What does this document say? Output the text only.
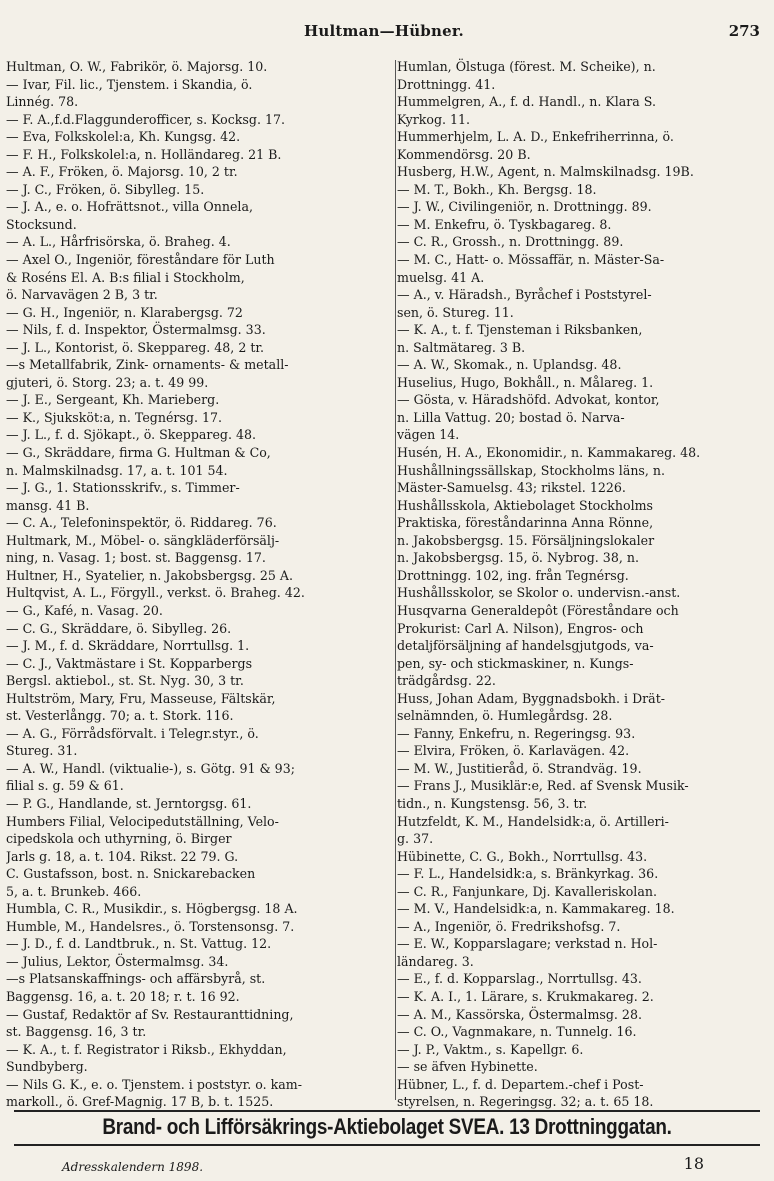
Hultman—Hübner.	273
Hultman, O. W., Fabrikör, ö. Majorsg. 10.
— Ivar, Fil. lic., Tjenstem. i Skandia, ö.
Linnég. 78.
— F. A.,f.d.Flaggunderofficer, s. Kocksg. 17.
— Eva, Folkskolel:a, Kh. Kungsg. 42.
— F. H., Folkskolel:a, n. Holländareg. 21 B.
— A. F., Fröken, ö. Majorsg. 10, 2 tr.
— J. C., Fröken, ö. Sibylleg. 15.
— J. A., e. o. Hofrättsnot., villa Onnela,
Stocksund.
— A. L., Hårfrisörska, ö. Braheg. 4.
— Axel O., Ingeniör, föreståndare för Luth
& Roséns El. A. B:s filial i Stockholm,
ö. Narvavägen 2 B, 3 tr.
— G. H., Ingeniör, n. Klarabergsg. 72
— Nils, f. d. Inspektor, Östermalmsg. 33.
— J. L., Kontorist, ö. Skeppareg. 48, 2 tr.
—s Metallfabrik, Zink- ornaments- & metall-
gjuteri, ö. Storg. 23; a. t. 49 99.
— J. E., Sergeant, Kh. Marieberg.
— K., Sjuksköt:a, n. Tegnérsg. 17.
— J. L., f. d. Sjökapt., ö. Skeppareg. 48.
— G., Skräddare, firma G. Hultman & Co,
n. Malmskilnadsg. 17, a. t. 101 54.
— J. G., 1. Stationsskrifv., s. Timmer-
mansg. 41 B.
— C. A., Telefoninspektör, ö. Riddareg. 76.
Hultmark, M., Möbel- o. sängkläderförsälj-
ning, n. Vasag. 1; bost. st. Baggensg. 17.
Hultner, H., Syatelier, n. Jakobsbergsg. 25 A.
Hultqvist, A. L., Förgyll., verkst. ö. Braheg. 42.
— G., Kafé, n. Vasag. 20.
— C. G., Skräddare, ö. Sibylleg. 26.
— J. M., f. d. Skräddare, Norrtullsg. 1.
— C. J., Vaktmästare i St. Kopparbergs
Bergsl. aktiebol., st. St. Nyg. 30, 3 tr.
Hultström, Mary, Fru, Masseuse, Fältskär,
st. Vesterlångg. 70; a. t. Stork. 116.
— A. G., Förrådsförvalt. i Telegr.styr., ö.
Stureg. 31.
— A. W., Handl. (viktualie-), s. Götg. 91 & 93;
filial s. g. 59 & 61.
— P. G., Handlande, st. Jerntorgsg. 61.
Humbers Filial, Velocipedutställning, Velo-
cipedskola och uthyrning, ö. Birger
Jarls g. 18, a. t. 104. Rikst. 22 79. G.
C. Gustafsson, bost. n. Snickarebacken
5, a. t. Brunkeb. 466.
Humbla, C. R., Musikdir., s. Högbergsg. 18 A.
Humble, M., Handelsres., ö. Torstensonsg. 7.
— J. D., f. d. Landtbruk., n. St. Vattug. 12.
— Julius, Lektor, Östermalmsg. 34.
—s Platsanskaffnings- och affärsbyrå, st.
Baggensg. 16, a. t. 20 18; r. t. 16 92.
— Gustaf, Redaktör af Sv. Restauranttidning,
st. Baggensg. 16, 3 tr.
— K. A., t. f. Registrator i Riksb., Ekhyddan,
Sundbyberg.
— Nils G. K., e. o. Tjenstem. i poststyr. o. kam-
markoll., ö. Gref-Magnig. 17 B, b. t. 1525.
Humlan, Ölstuga (förest. M. Scheike), n.
Drottningg. 41.
Hummelgren, A., f. d. Handl., n. Klara S.
Kyrkog. 11.
Hummerhjelm, L. A. D., Enkefriherrinna, ö.
Kommendörsg. 20 B.
Husberg, H.W., Agent, n. Malmskilnadsg. 19B.
— M. T., Bokh., Kh. Bergsg. 18.
— J. W., Civilingeniör, n. Drottningg. 89.
— M. Enkefru, ö. Tyskbagareg. 8.
— C. R., Grossh., n. Drottningg. 89.
— M. C., Hatt- o. Mössaffär, n. Mäster-Sa-
muelsg. 41 A.
— A., v. Häradsh., Byråchef i Poststyrel-
sen, ö. Stureg. 11.
— K. A., t. f. Tjensteman i Riksbanken,
n. Saltmätareg. 3 B.
— A. W., Skomak., n. Uplandsg. 48.
Huselius, Hugo, Bokhåll., n. Målareg. 1.
— Gösta, v. Häradshöfd. Advokat, kontor,
n. Lilla Vattug. 20; bostad ö. Narva-
vägen 14.
Husén, H. A., Ekonomidir., n. Kammakareg. 48.
Hushållningssällskap, Stockholms läns, n.
Mäster-Samuelsg. 43; rikstel. 1226.
Hushållsskola, Aktiebolaget Stockholms
Praktiska, föreståndarinna Anna Rönne,
n. Jakobsbergsg. 15. Försäljningslokaler
n. Jakobsbergsg. 15, ö. Nybrog. 38, n.
Drottningg. 102, ing. från Tegnérsg.
Hushållsskolor, se Skolor o. undervisn.-anst.
Husqvarna Generaldepôt (Föreståndare och
Prokurist: Carl A. Nilson), Engros- och
detaljförsäljning af handelsgjutgods, va-
pen, sy- och stickmaskiner, n. Kungs-
trädgårdsg. 22.
Huss, Johan Adam, Byggnadsbokh. i Drät-
selnämnden, ö. Humlegårdsg. 28.
— Fanny, Enkefru, n. Regeringsg. 93.
— Elvira, Fröken, ö. Karlavägen. 42.
— M. W., Justitieråd, ö. Strandväg. 19.
— Frans J., Musiklär:e, Red. af Svensk Musik-
tidn., n. Kungstensg. 56, 3. tr.
Hutzfeldt, K. M., Handelsidk:a, ö. Artilleri-
g. 37.
Hübinette, C. G., Bokh., Norrtullsg. 43.
— F. L., Handelsidk:a, s. Bränkyrkag. 36.
— C. R., Fanjunkare, Dj. Kavalleriskolan.
— M. V., Handelsidk:a, n. Kammakareg. 18.
— A., Ingeniör, ö. Fredrikshofsg. 7.
— E. W., Kopparslagare; verkstad n. Hol-
ländareg. 3.
— E., f. d. Kopparslag., Norrtullsg. 43.
— K. A. I., 1. Lärare, s. Krukmakareg. 2.
— A. M., Kassörska, Östermalmsg. 28.
— C. O., Vagnmakare, n. Tunnelg. 16.
— J. P., Vaktm., s. Kapellgr. 6.
— se äfven Hybinette.
Hübner, L., f. d. Departem.-chef i Post-
styrelsen, n. Regeringsg. 32; a. t. 65 18.
Brand- och Lifförsäkrings-Aktiebolaget SVEA. 13 Drottninggatan.
Adresskalendern 1898.	18
